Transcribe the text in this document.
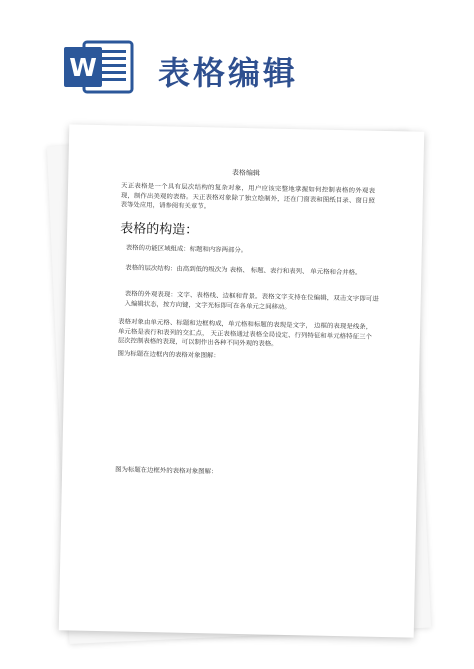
W 表格编辑
表格编辑
天正表格是一个具有层次结构的复杂对象，用户应该完整地掌握如何控制表格的外观表现，制作出美观的表格。天正表格对象除了独立绘制外，还在门窗表和图纸目录、窗日照表等处应用，请参阅有关章节。
表格的构造：
表格的功能区域组成：标题和内容两部分。
表格的层次结构：由高到低的级次为 表格、 标题、表行和表列、 单元格和合并格。
表格的外观表现：文字、表格线、边框和背景。表格文字支持在位编辑，双击文字即可进入编辑状态，按方向键，文字光标即可在各单元之间移动。
表格对象由单元格、标题和边框构成，单元格和标题的表现是文字， 边框的表现是线条， 单元格是表行和表列的交汇点， 天正表格通过表格全局设定、行列特征和单元格特征三个层次控制表格的表现，可以制作出各种不同外观的表格。
图为标题在边框内的表格对象图解：
图为标题在边框外的表格对象图解：
